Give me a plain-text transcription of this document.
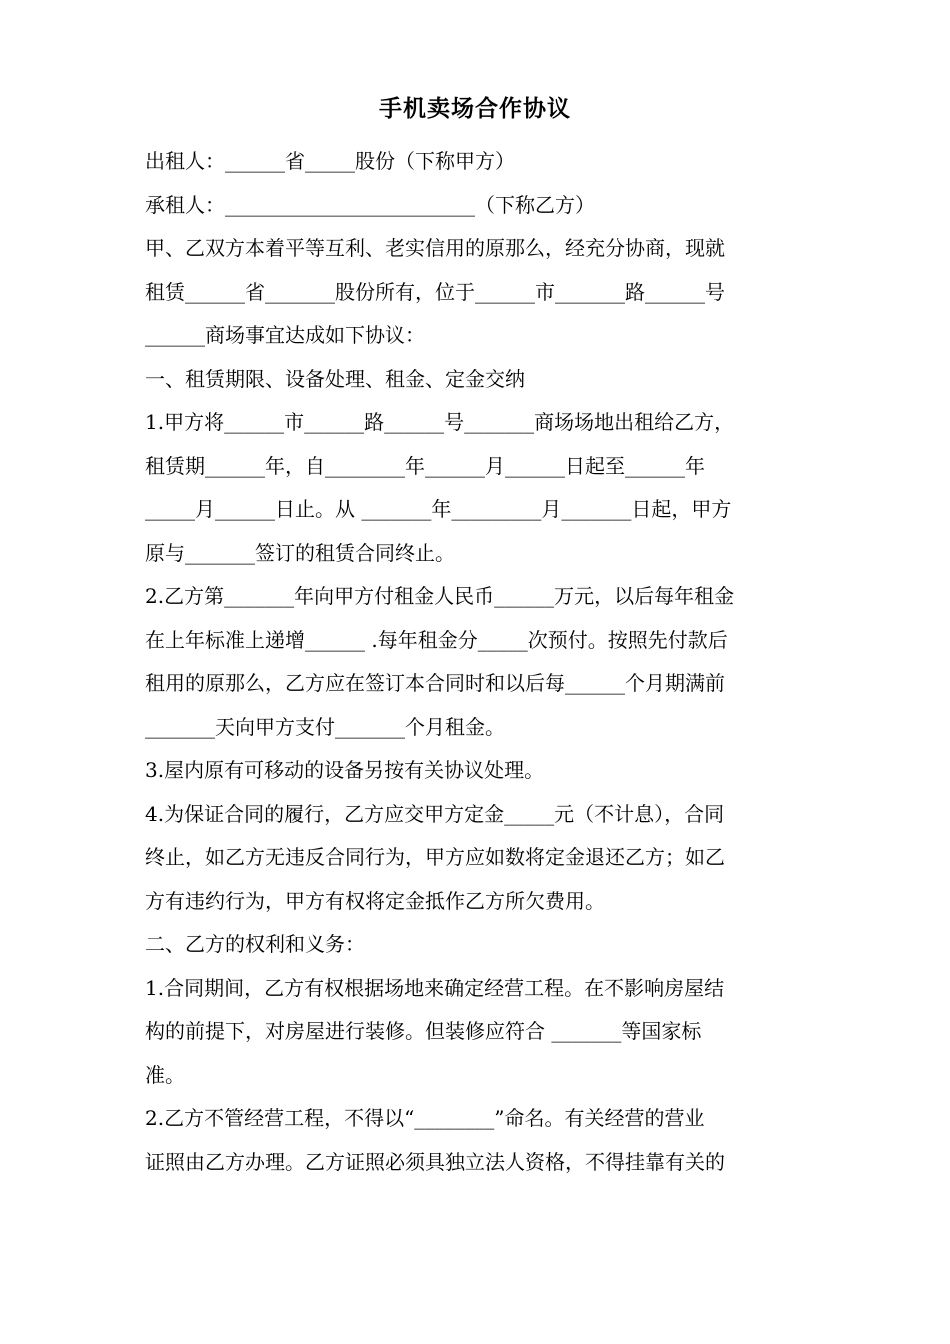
手机卖场合作协议
出租人：______省_____股份（下称甲方）
承租人：_________________________（下称乙方）
甲、乙双方本着平等互利、老实信用的原那么，经充分协商，现就
租赁______省_______股份所有，位于______市_______路______号
______商场事宜达成如下协议：
一、租赁期限、设备处理、租金、定金交纳
1.甲方将______市______路______号_______商场场地出租给乙方，
租赁期______年，自________年______月______日起至______年
_____月______日止。从 _______年_________月_______日起，甲方
原与_______签订的租赁合同终止。
2.乙方第_______年向甲方付租金人民币______万元，以后每年租金
在上年标准上递增______ .每年租金分_____次预付。按照先付款后
租用的原那么，乙方应在签订本合同时和以后每______个月期满前
_______天向甲方支付_______个月租金。
3.屋内原有可移动的设备另按有关协议处理。
4.为保证合同的履行，乙方应交甲方定金_____元（不计息），合同
终止，如乙方无违反合同行为，甲方应如数将定金退还乙方；如乙
方有违约行为，甲方有权将定金抵作乙方所欠费用。
二、乙方的权利和义务：
1.合同期间，乙方有权根据场地来确定经营工程。在不影响房屋结
构的前提下，对房屋进行装修。但装修应符合 _______等国家标
准。
2.乙方不管经营工程，不得以“________”命名。有关经营的营业
证照由乙方办理。乙方证照必须具独立法人资格，不得挂靠有关的
